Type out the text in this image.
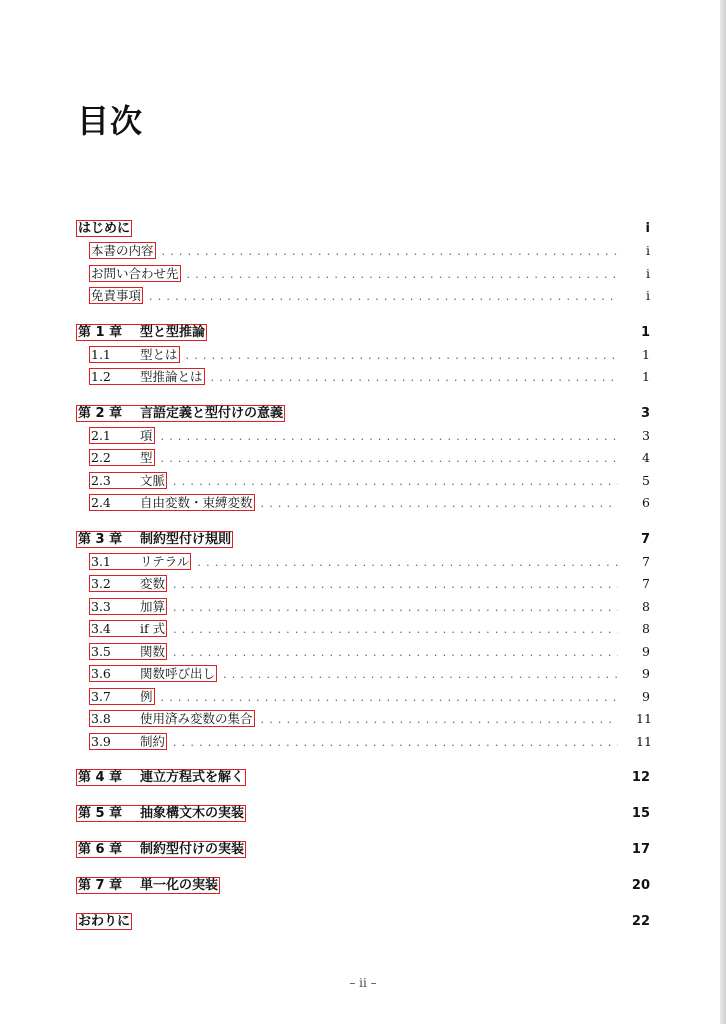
目次
はじめに	i
本書の内容 .....	i
お問い合わせ先 .....	i
免責事項 .....	i
第 1 章 型と型推論	1
1.1 型とは .....	1
1.2 型推論とは .....	1
第 2 章 言語定義と型付けの意義	3
2.1 項 .....	3
2.2 型 .....	4
2.3 文脈 .....	5
2.4 自由変数・束縛変数 .....	6
第 3 章 制約型付け規則	7
3.1 リテラル .....	7
3.2 変数 .....	7
3.3 加算 .....	8
3.4 if 式 .....	8
3.5 関数 .....	9
3.6 関数呼び出し .....	9
3.7 例 .....	9
3.8 使用済み変数の集合 .....	11
3.9 制約 .....	11
第 4 章 連立方程式を解く	12
第 5 章 抽象構文木の実装	15
第 6 章 制約型付けの実装	17
第 7 章 単一化の実装	20
おわりに	22
– ii –
